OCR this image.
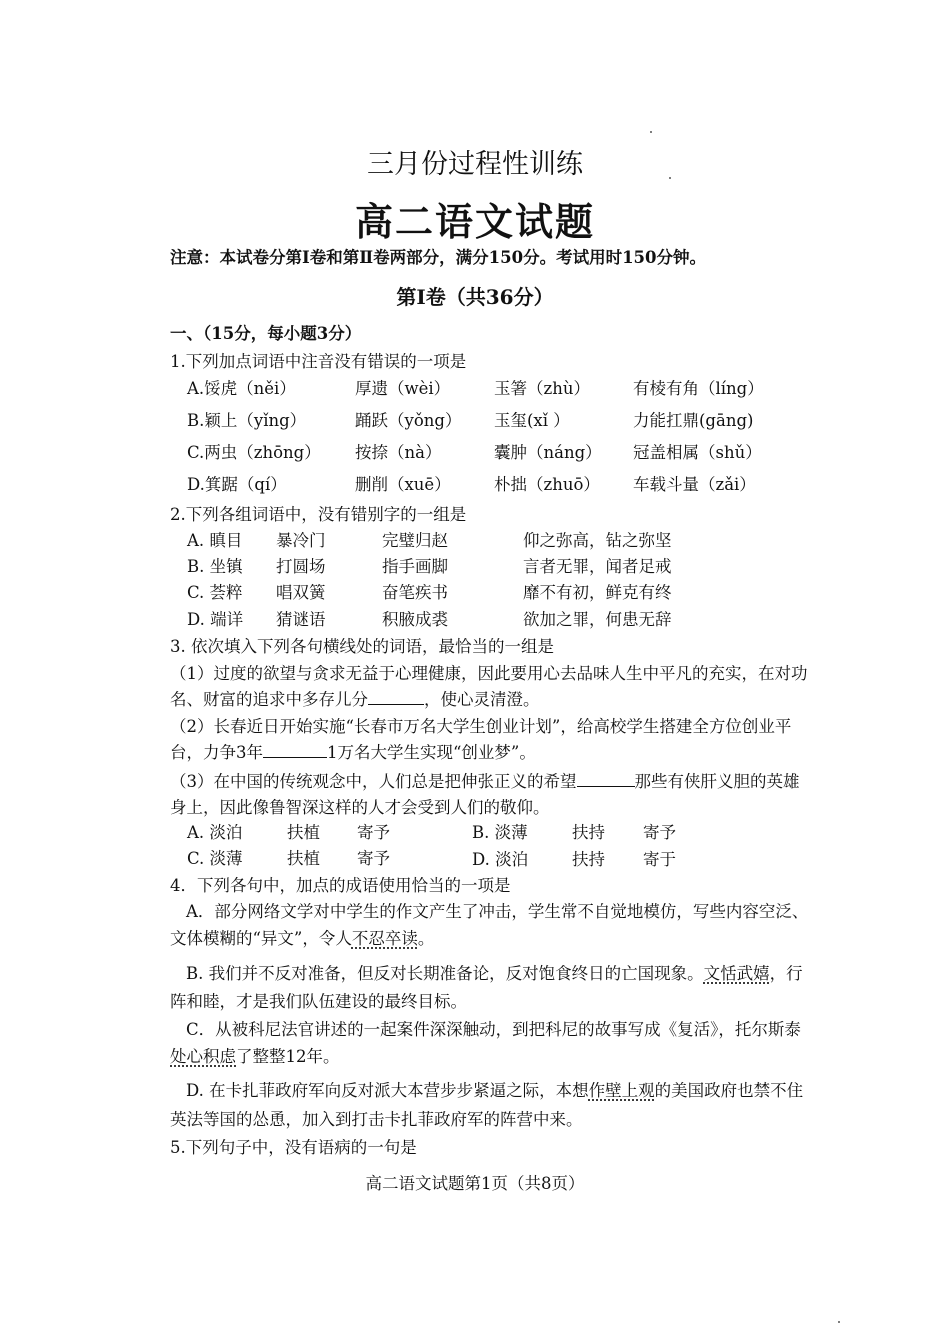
三月份过程性训练
高二语文试题
注意：本试卷分第Ⅰ卷和第Ⅱ卷两部分，满分150分。考试用时150分钟。
第Ⅰ卷（共36分）
一、（15分，每小题3分）
1.下列加点词语中注音没有错误的一项是
A.馁虎（něi）	厚遗（wèi）	玉箸（zhù）	有棱有角（líng）
B.颖上（yǐng）	踊跃（yǒng） 玉玺(xǐ ）	力能扛鼎(gāng)
C.两虫（zhōng） 按捺（nà）	囊肿（náng） 冠盖相属（shǔ）
D.箕踞（qí）	删削（xuē）	朴拙（zhuō） 车载斗量（zǎi）
2.下列各组词语中，没有错别字的一组是
A. 瞋目 暴冷门	完璧归赵	仰之弥高，钻之弥坚
B. 坐镇 打圆场	指手画脚	言者无罪，闻者足戒
C. 荟粹 唱双簧	奋笔疾书	靡不有初，鲜克有终
D. 端详 猜谜语	积腋成裘	欲加之罪，何患无辞
3. 依次填入下列各句横线处的词语，最恰当的一组是
（1）过度的欲望与贪求无益于心理健康，因此要用心去品味人生中平凡的充实，在对功
名、财富的追求中多存儿分	，使心灵清澄。
（2）长春近日开始实施“长春市万名大学生创业计划”，给高校学生搭建全方位创业平
台，力争3年	1万名大学生实现“创业梦”。
（3）在中国的传统观念中，人们总是把伸张正义的希望	那些有侠肝义胆的英雄
身上，因此像鲁智深这样的人才会受到人们的敬仰。
A. 淡泊	扶植 寄予	B. 淡薄	扶持 寄予
C. 淡薄	扶植 寄予	D. 淡泊	扶持 寄于
4．下列各句中，加点的成语使用恰当的一项是
A．部分网络文学对中学生的作文产生了冲击，学生常不自觉地模仿，写些内容空泛、
文体模糊的“异文”，令人不忍卒读。
B. 我们并不反对准备，但反对长期准备论，反对饱食终日的亡国现象。文恬武嬉，行
阵和睦，才是我们队伍建设的最终目标。
C．从被科尼法官讲述的一起案件深深触动，到把科尼的故事写成《复活》，托尔斯泰
处心积虑了整整12年。
D. 在卡扎菲政府军向反对派大本营步步紧逼之际，本想作壁上观的美国政府也禁不住
英法等国的怂恿，加入到打击卡扎菲政府军的阵营中来。
5.下列句子中，没有语病的一句是
高二语文试题第1页（共8页）
